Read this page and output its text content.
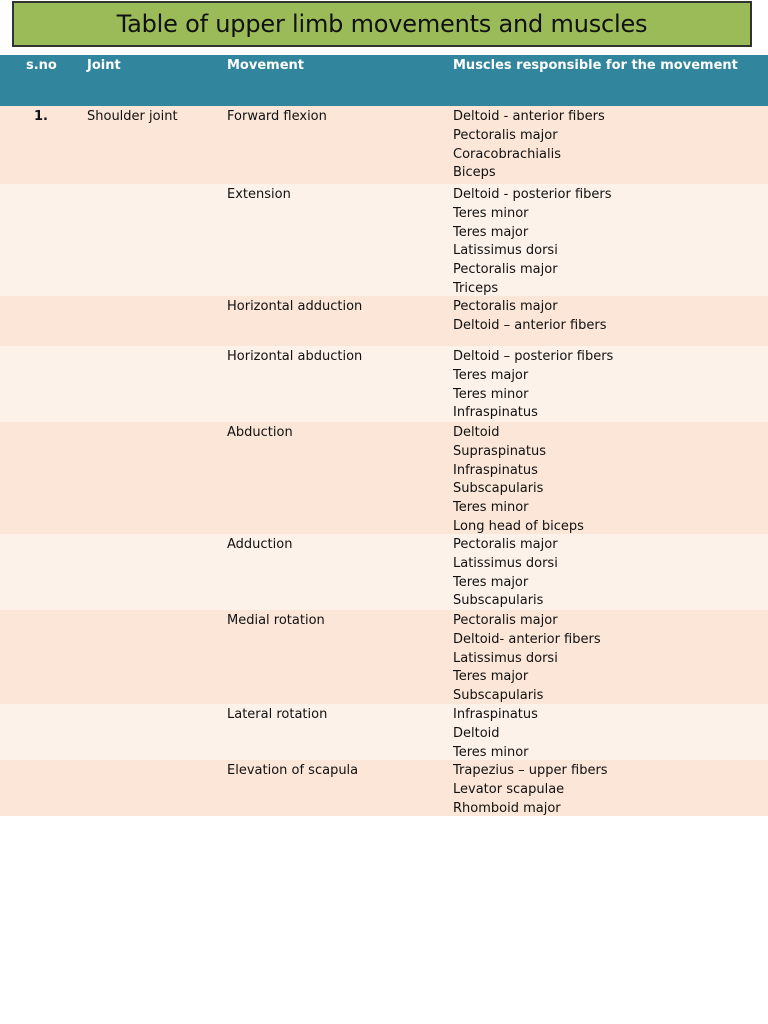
Table of upper limb movements and muscles
s.no Joint	Movement	Muscles responsible for the movement
1.	Shoulder joint	Forward flexion	Deltoid - anterior fibers
Pectoralis major
Coracobrachialis
Biceps
Extension	Deltoid - posterior fibers
Teres minor
Teres major
Latissimus dorsi
Pectoralis major
Triceps
Horizontal adduction	Pectoralis major
Deltoid – anterior fibers
Horizontal abduction	Deltoid – posterior fibers
Teres major
Teres minor
Infraspinatus
Abduction	Deltoid
Supraspinatus
Infraspinatus
Subscapularis
Teres minor
Long head of biceps
Adduction	Pectoralis major
Latissimus dorsi
Teres major
Subscapularis
Medial rotation	Pectoralis major
Deltoid- anterior fibers
Latissimus dorsi
Teres major
Subscapularis
Lateral rotation	Infraspinatus
Deltoid
Teres minor
Elevation of scapula	Trapezius – upper fibers
Levator scapulae
Rhomboid major
